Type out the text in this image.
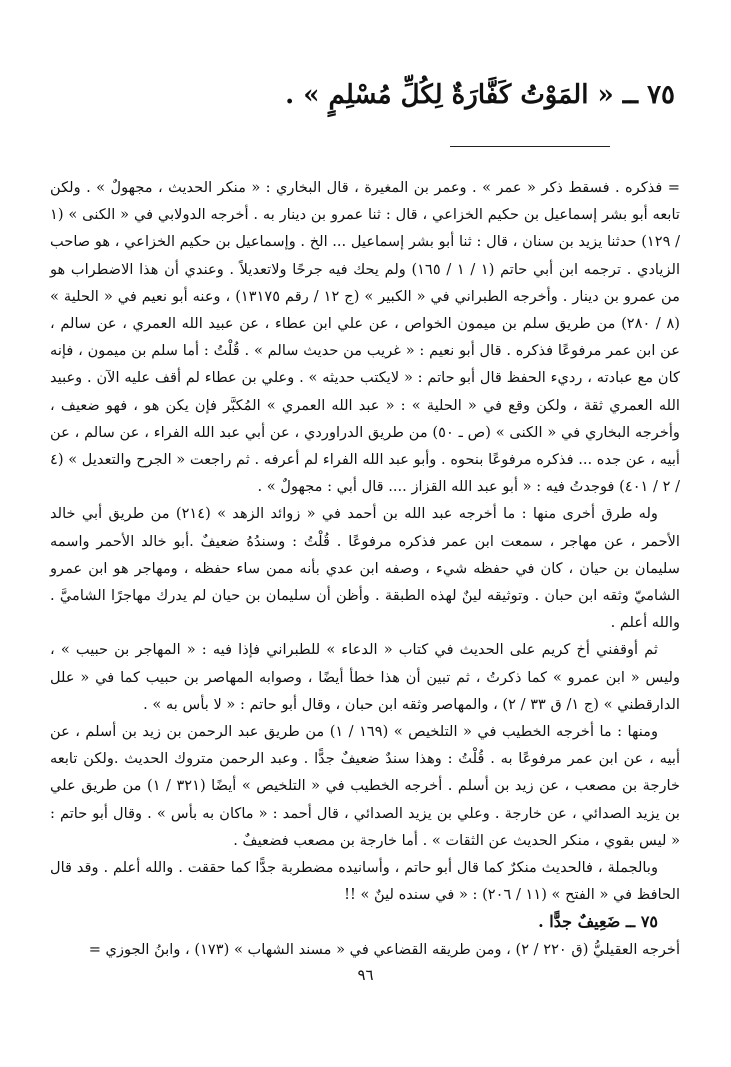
٧٥ ــ « المَوْتُ كَفَّارَةٌ لِكُلِّ مُسْلِمٍ » .

= فذكره . فسقط ذكر « عمر » . وعمر بن المغيرة ، قال البخاري : « منكر الحديث ، مجهولٌ » . ولكن تابعه أبو بشر إسماعيل بن حكيم الخزاعي ، قال : ثنا عمرو بن دينار به . أخرجه الدولابي في « الكنى » (١ / ١٢٩) حدثنا يزيد بن سنان ، قال : ثنا أبو بشر إسماعيل ... الخ . وإسماعيل بن حكيم الخزاعي ، هو صاحب الزيادي . ترجمه ابن أبي حاتم (١ / ١ / ١٦٥) ولم يحك فيه جرحًا ولاتعديلاً . وعندي أن هذا الاضطراب هو من عمرو بن دينار . وأخرجه الطبراني في « الكبير » (ج ١٢ / رقم ١٣١٧٥) ، وعنه أبو نعيم في « الحلية » (٨ / ٢٨٠) من طريق سلم بن ميمون الخواص ، عن علي ابن عطاء ، عن عبيد الله العمري ، عن سالم ، عن ابن عمر مرفوعًا فذكره . قال أبو نعيم : « غريب من حديث سالم » . قُلْتُ : أما سلم بن ميمون ، فإنه كان مع عبادته ، رديء الحفظ قال أبو حاتم : « لايكتب حديثه » . وعلي بن عطاء لم أقف عليه الآن . وعبيد الله العمري ثقة ، ولكن وقع في « الحلية » : « عبد الله العمري » المُكبَّر فإن يكن هو ، فهو ضعيف ، وأخرجه البخاري في « الكنى » (ص ـ ٥٠) من طريق الدراوردي ، عن أبي عبد الله الفراء ، عن سالم ، عن أبيه ، عن جده ... فذكره مرفوعًا بنحوه . وأبو عبد الله الفراء لم أعرفه . ثم راجعت « الجرح والتعديل » (٤ / ٢ / ٤٠١) فوجدتُ فيه : « أبو عبد الله القزاز .... قال أبي : مجهولٌ » .

وله طرق أخرى منها : ما أخرجه عبد الله بن أحمد في « زوائد الزهد » (٢١٤) من طريق أبي خالد الأحمر ، عن مهاجر ، سمعت ابن عمر فذكره مرفوعًا . قُلْتُ : وسندُهُ ضعيفٌ .أبو خالد الأحمر واسمه سليمان بن حيان ، كان في حفظه شيء ، وصفه ابن عدي بأنه ممن ساء حفظه ، ومهاجر هو ابن عمرو الشاميّ وثقه ابن حبان . وتوثيقه لينٌ لهذه الطبقة . وأظن أن سليمان بن حيان لم يدرك مهاجرًا الشاميَّ . والله أعلم .

ثم أوقفني أخ كريم على الحديث في كتاب « الدعاء » للطبراني فإذا فيه : « المهاجر بن حبيب » ، وليس « ابن عمرو » كما ذكرتُ ، ثم تبين أن هذا خطأ أيضًا ، وصوابه المهاصر بن حبيب كما في « علل الدارقطني » (ج ١/ ق ٣٣ / ٢) ، والمهاصر وثقه ابن حبان ، وقال أبو حاتم : « لا بأس به » .

ومنها : ما أخرجه الخطيب في « التلخيص » (١٦٩ / ١) من طريق عبد الرحمن بن زيد بن أسلم ، عن أبيه ، عن ابن عمر مرفوعًا به . قُلْتُ : وهذا سندٌ ضعيفٌ جدًّا . وعبد الرحمن متروك الحديث .ولكن تابعه خارجة بن مصعب ، عن زيد بن أسلم . أخرجه الخطيب في « التلخيص » أيضًا (٣٢١ / ١) من طريق علي بن يزيد الصدائي ، عن خارجة . وعلي بن يزيد الصدائي ، قال أحمد : « ماكان به بأس » . وقال أبو حاتم : « ليس بقوي ، منكر الحديث عن الثقات » . أما خارجة بن مصعب فضعيفٌ .

وبالجملة ، فالحديث منكرٌ كما قال أبو حاتم ، وأسانيده مضطربة جدًّا كما حققت . والله أعلم . وقد قال الحافظ في « الفتح » (١١ / ٢٠٦) : « في سنده لينٌ » !!

٧٥ ــ ضَعِيفٌ جدًّا .

أخرجه العقيليُّ (ق ٢٢٠ / ٢) ، ومن طريقه القضاعي في « مسند الشهاب » (١٧٣) ، وابنُ الجوزي =

٩٦
